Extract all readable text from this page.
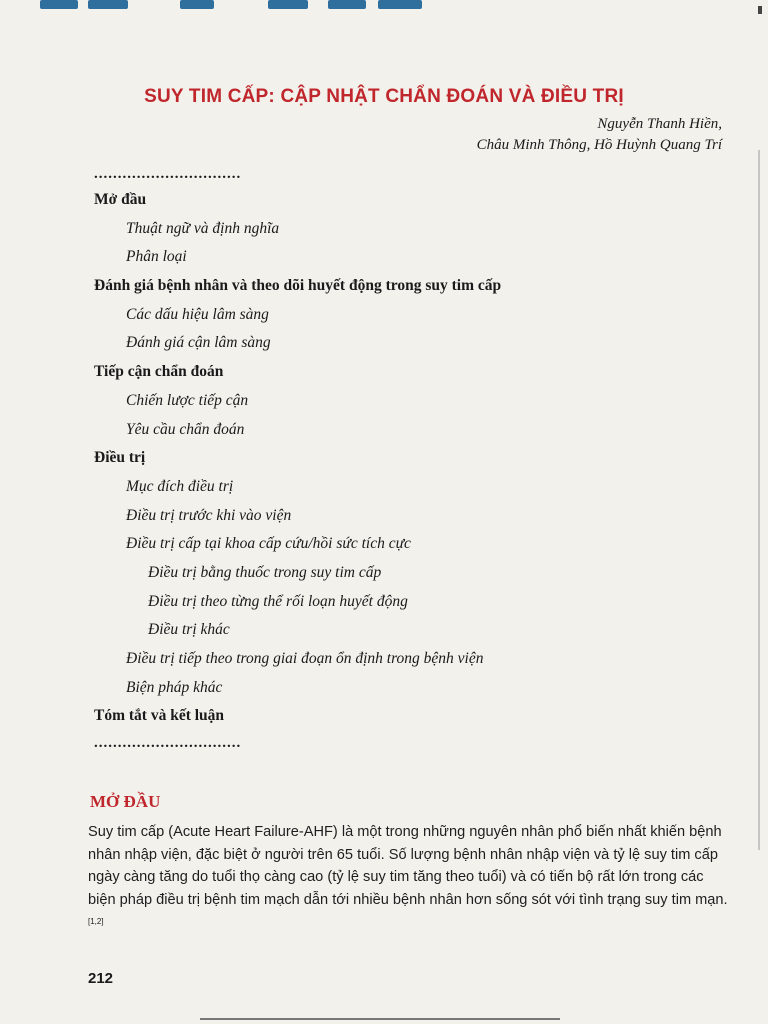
SUY TIM CẤP: CẬP NHẬT CHẨN ĐOÁN VÀ ĐIỀU TRỊ
Nguyễn Thanh Hiền,
Châu Minh Thông, Hồ Huỳnh Quang Trí
...............................
Mở đầu
Thuật ngữ và định nghĩa
Phân loại
Đánh giá bệnh nhân và theo dõi huyết động trong suy tim cấp
Các dấu hiệu lâm sàng
Đánh giá cận lâm sàng
Tiếp cận chẩn đoán
Chiến lược tiếp cận
Yêu cầu chẩn đoán
Điều trị
Mục đích điều trị
Điều trị trước khi vào viện
Điều trị cấp tại khoa cấp cứu/hồi sức tích cực
Điều trị bằng thuốc trong suy tim cấp
Điều trị theo từng thể rối loạn huyết động
Điều trị khác
Điều trị tiếp theo trong giai đoạn ổn định trong bệnh viện
Biện pháp khác
Tóm tắt và kết luận
...............................
MỞ ĐẦU
Suy tim cấp (Acute Heart Failure-AHF) là một trong những nguyên nhân phổ biến nhất khiến bệnh nhân nhập viện, đặc biệt ở người trên 65 tuổi. Số lượng bệnh nhân nhập viện và tỷ lệ suy tim cấp ngày càng tăng do tuổi thọ càng cao (tỷ lệ suy tim tăng theo tuổi) và có tiến bộ rất lớn trong các biện pháp điều trị bệnh tim mạch dẫn tới nhiều bệnh nhân hơn sống sót với tình trạng suy tim mạn.[1,2]
212
